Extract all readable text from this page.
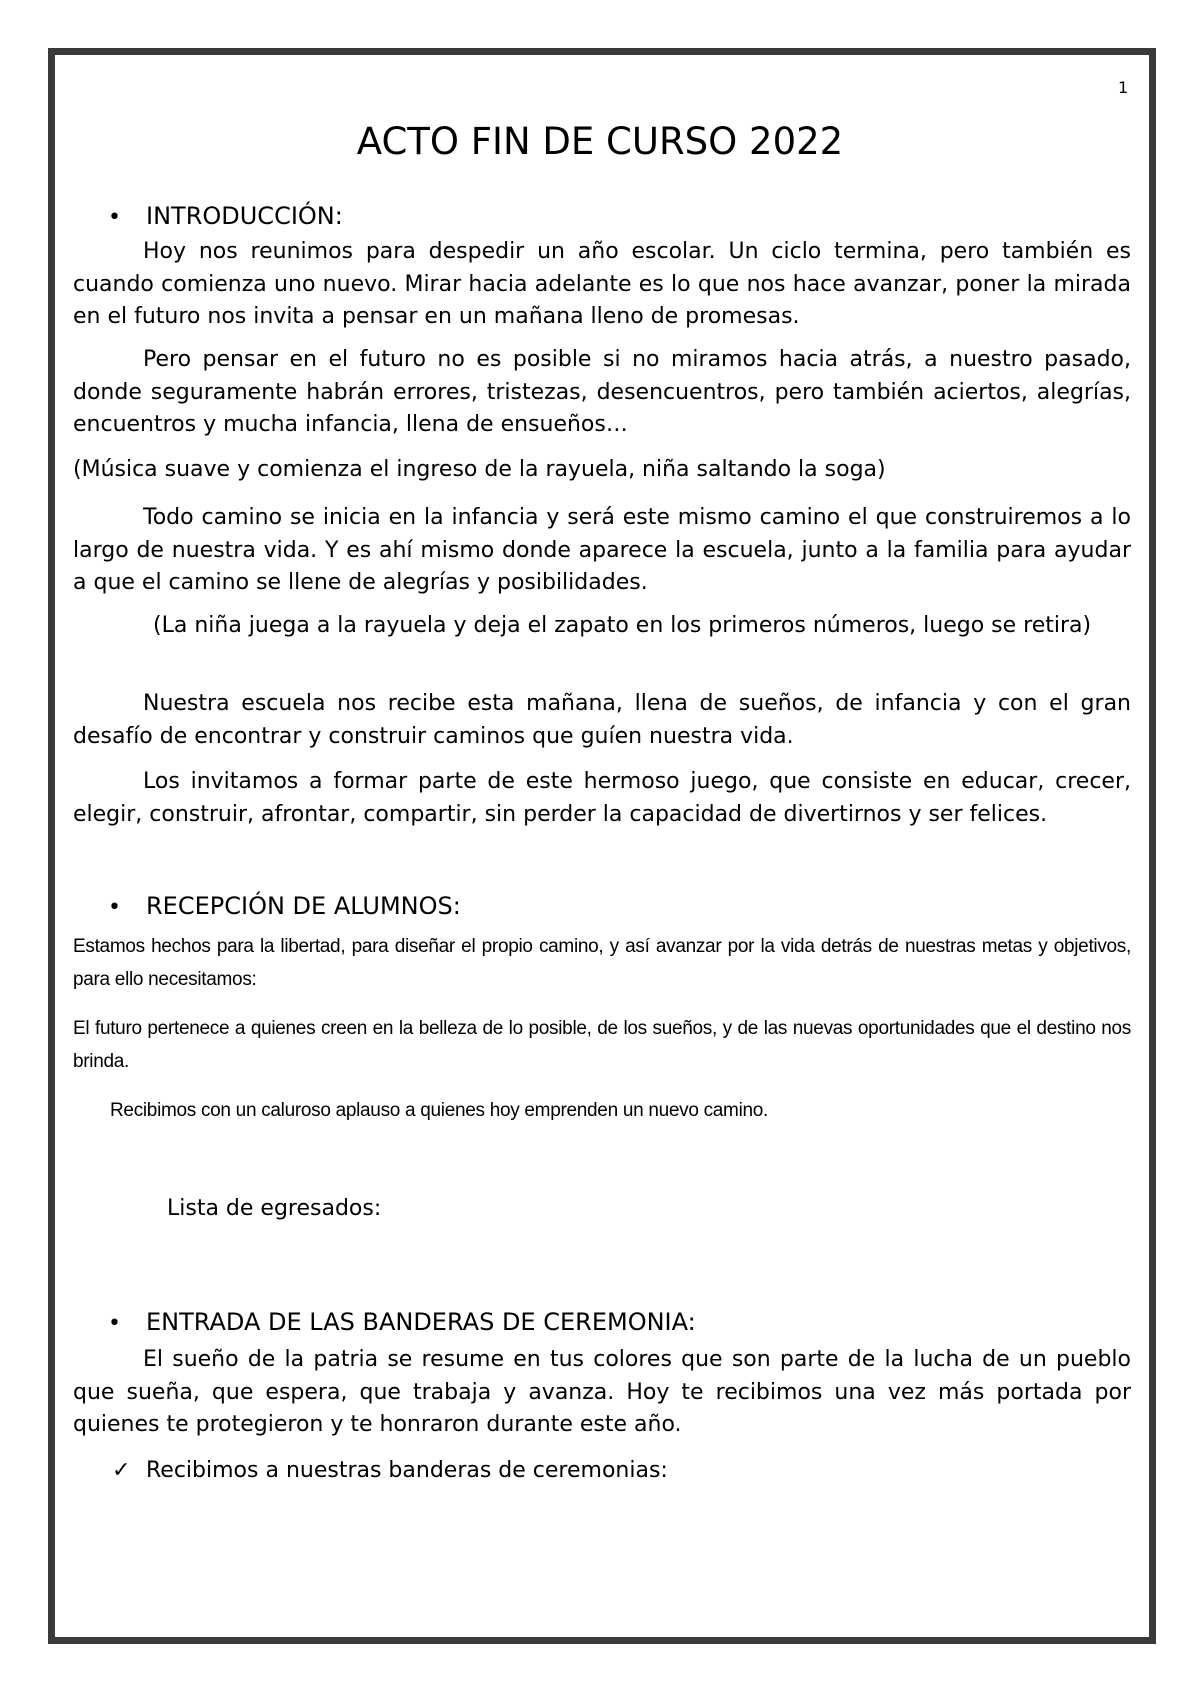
1
ACTO FIN DE CURSO 2022
• INTRODUCCIÓN:

Hoy nos reunimos para despedir un año escolar. Un ciclo termina, pero también es cuando comienza uno nuevo. Mirar hacia adelante es lo que nos hace avanzar, poner la mirada en el futuro nos invita a pensar en un mañana lleno de promesas.

Pero pensar en el futuro no es posible si no miramos hacia atrás, a nuestro pasado, donde seguramente habrán errores, tristezas, desencuentros, pero también aciertos, alegrías, encuentros y mucha infancia, llena de ensueños…

(Música suave y comienza el ingreso de la rayuela, niña saltando la soga)

Todo camino se inicia en la infancia y será este mismo camino el que construiremos a lo largo de nuestra vida. Y es ahí mismo donde aparece la escuela, junto a la familia para ayudar a que el camino se llene de alegrías y posibilidades.

(La niña juega a la rayuela y deja el zapato en los primeros números, luego se retira)

Nuestra escuela nos recibe esta mañana, llena de sueños, de infancia y con el gran desafío de encontrar y construir caminos que guíen nuestra vida.

Los invitamos a formar parte de este hermoso juego, que consiste en educar, crecer, elegir, construir, afrontar, compartir, sin perder la capacidad de divertirnos y ser felices.

• RECEPCIÓN DE ALUMNOS:

Estamos hechos para la libertad, para diseñar el propio camino, y así avanzar por la vida detrás de nuestras metas y objetivos, para ello necesitamos:

El futuro pertenece a quienes creen en la belleza de lo posible, de los sueños, y de las nuevas oportunidades que el destino nos brinda.

Recibimos con un caluroso aplauso a quienes hoy emprenden un nuevo camino.

Lista de egresados:
• ENTRADA DE LAS BANDERAS DE CEREMONIA:

El sueño de la patria se resume en tus colores que son parte de la lucha de un pueblo que sueña, que espera, que trabaja y avanza. Hoy te recibimos una vez más portada por quienes te protegieron y te honraron durante este año.

✓ Recibimos a nuestras banderas de ceremonias:
